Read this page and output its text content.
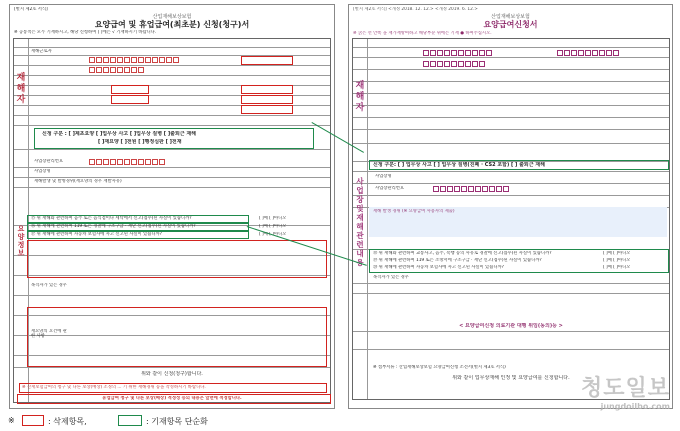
[별지 제2호 서식]
산업재해보상보험
요양급여 및 휴업급여(최초분) 신청(청구)서
※ 공통적은 모두 기재하시고, 해당 신청하여 [ ]에는 √ 기재하시기 바랍니다.
재
해
자
요
양
정
보
재해근로자
신청 구분 : [ ]제초요양 [ ]업무상 사고 [ ]업무상 질병 [ ]출퇴근 재해
[ ]재요양 [ ]전원 [ ]행정심판 [ ]전재
사업장관리번호
사업장명
재해발생 및 발병경위(재요양의 경우 재발사유)
⑮ 위 재해와 관련하여 음주 또는 음식점이나 세탁에서 신고(접수)된 사실이 있습니까?	[ ]예 [ ]아니오
⑯ 위 재해에 관련하여 119 또는 경찰에 구조구급 · 재난 신고(접수)된 사실이 있습니까?	[ ]예 [ ]아니오
⑰ 위 재해에 관련하여 자동차 보험사에 사고 신고된 사실이 있습니까?	[ ]예 [ ]아니오
목격자가 있는 경우
재요양의 요건에 관한 사항
위와 같이 신청(청구)합니다.
※ 산재보험급여의 청구 및 다른 보상(배상) 조정의 ... 기 위한 재해경위 등을 작성하시기 바랍니다.
휴업급여 청구 및 다른 보상(배상) 적정성 등의 내용은 앞면에 적정합니다.
[별지 제2호 서식] <개정 2018. 12. 12.> <개정 2019. 6. 12.>
산업재해보상보험
요양급여신청서
※ 굵은 선 안쪽 을 재가재방여하고 해당부분 위에는 기재 ● 하여주십시오.
재
해
자
사
업
장
및
재
해
관
련
내
용
신청 구분: [ ] 업무상 사고 [ ] 업무상 질병(진폐 · CS2 포함) [ ] 출퇴근 재해
사업장명
사업장관리번호
재해 발생 경위 (※ 요양급여 사용자의 제출)
⑱ 위 재해와 관련하여 교통사고, 음주, 폭행 등의 사유로 경찰에 신고(접수)된 사실이 있습니까?	[ ]예 [ ]아니오
⑲ 위 재해에 관련하여 119 또는 소방서에 구조구급 · 재난 신고(접수)된 사실이 있습니까?	[ ]예 [ ]아니오
⑳ 위 재해에 관련하여 자동차 보험사에 사고 신고된 사실이 있습니까?	[ ]예 [ ]아니오
목격자가 있는 경우
< 요양급여신청 의료기관 대행 위임(동의)등 >
※ 첨부서류 : 산업재해보상보험 요양급여신청 소견서(별지 제3호 서식)
위와 같이 업무상재해 인정 및 요양급여를 신청합니다.
※	: 삭제항목,	: 기재항목 단순화
청도일보
jungdoilbo.com
